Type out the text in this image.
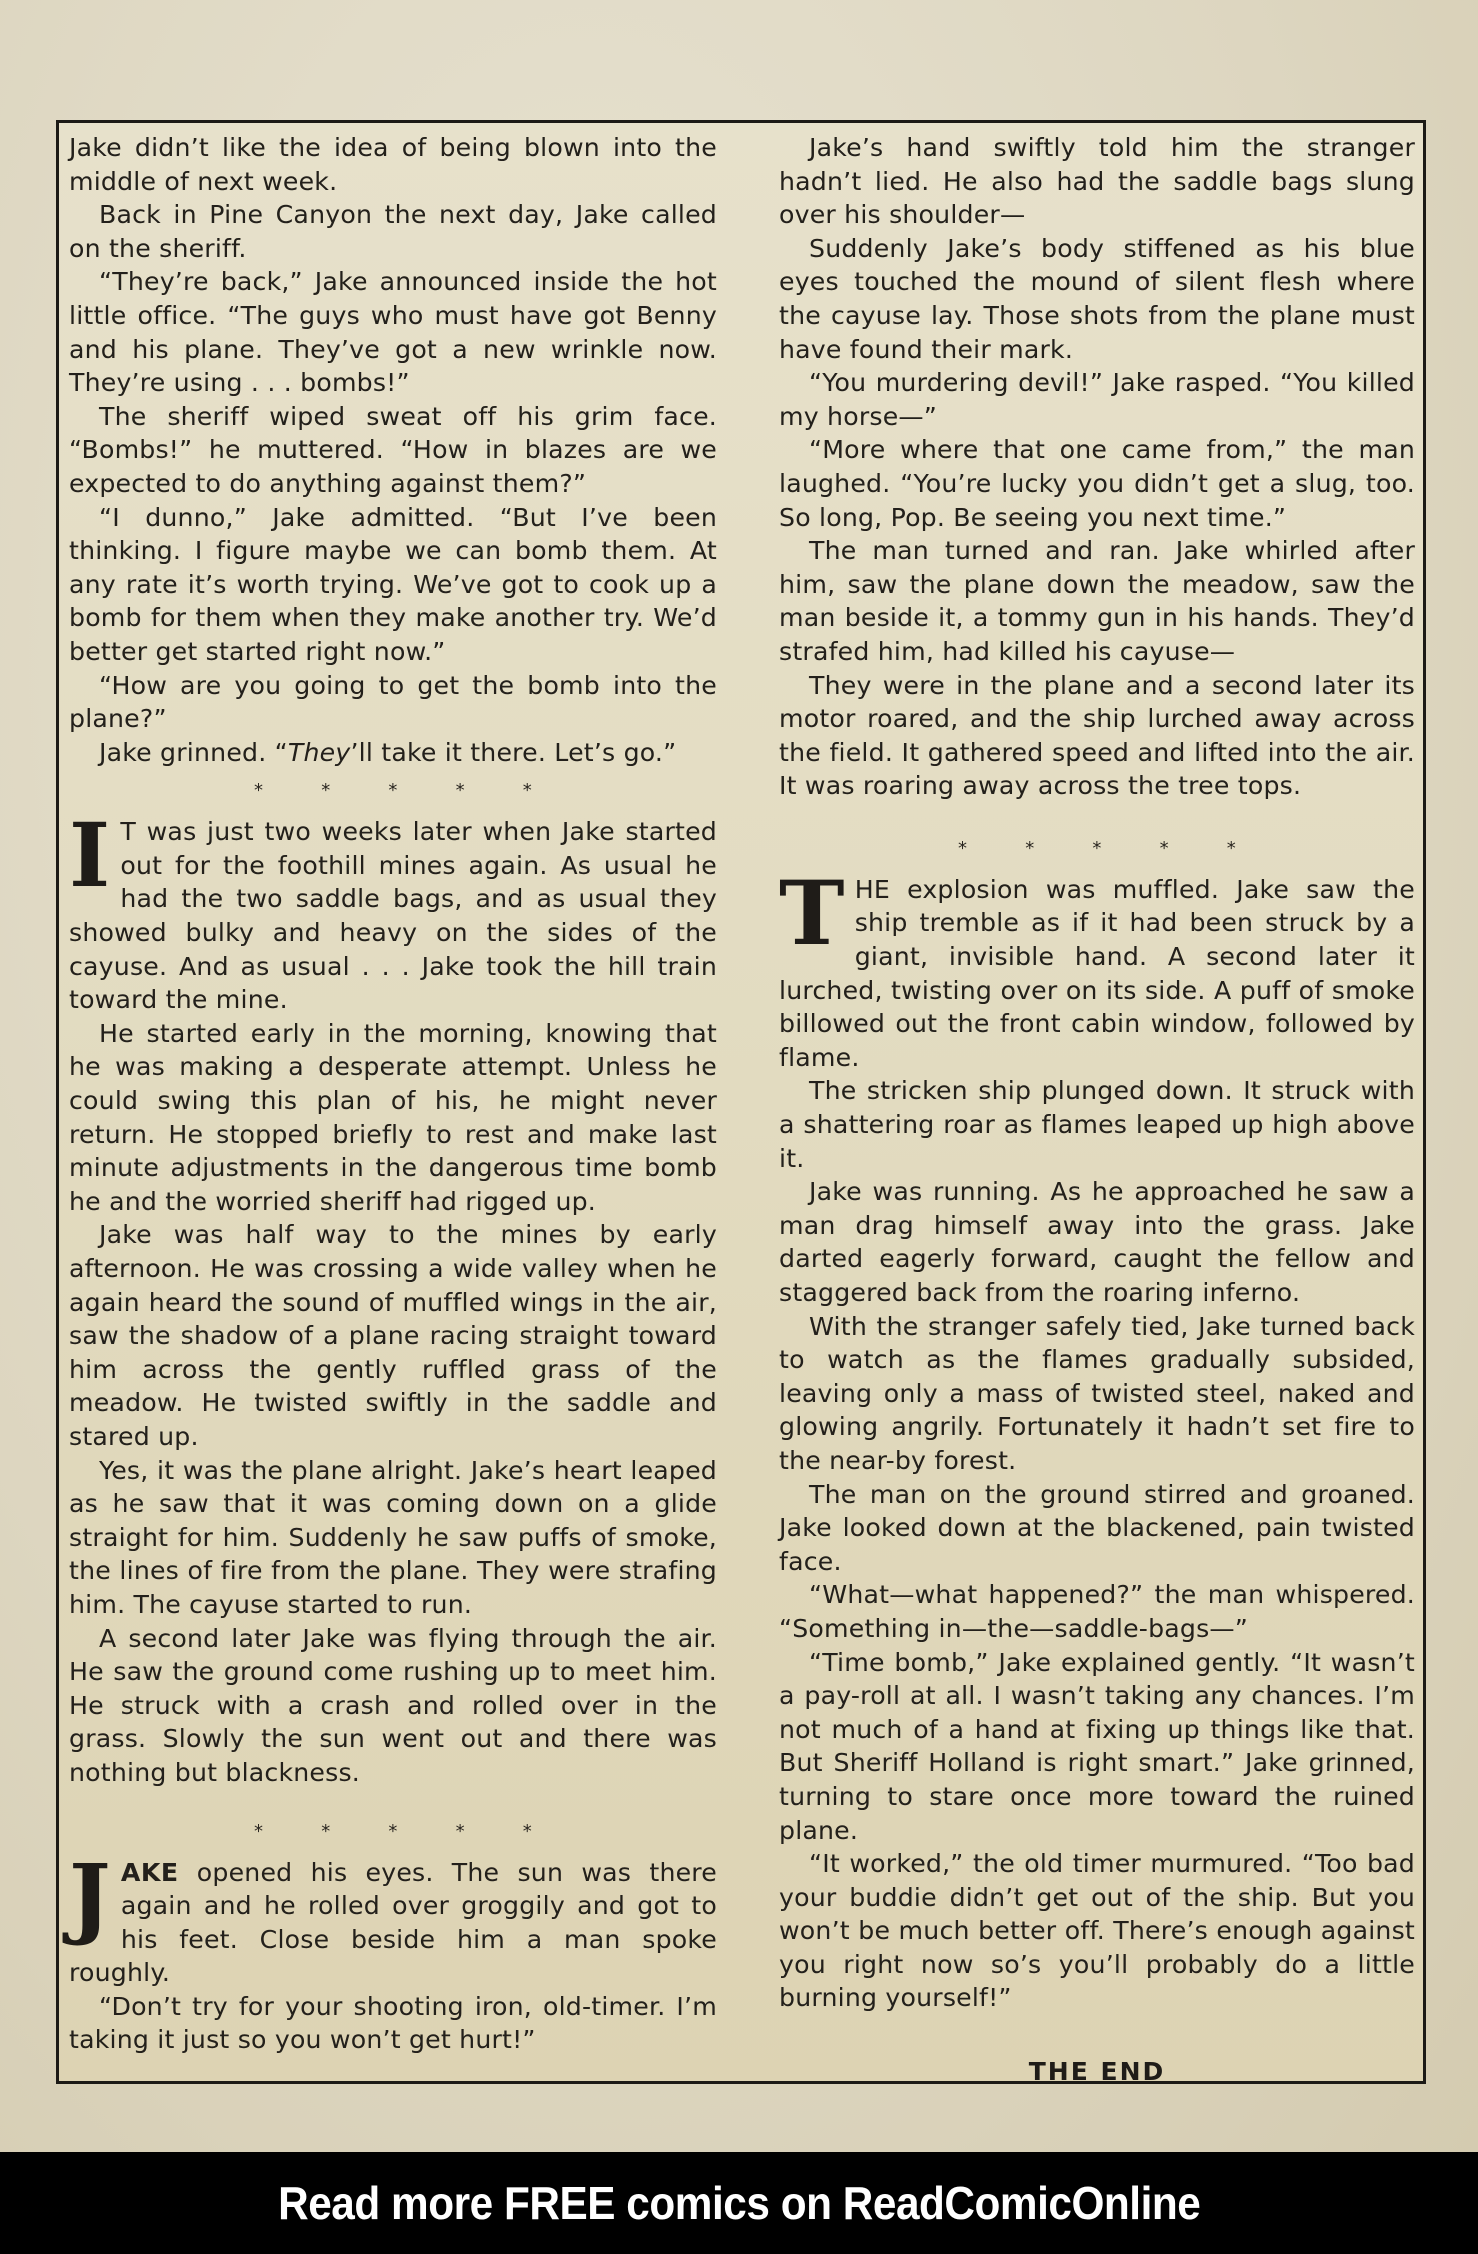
Jake didn’t like the idea of being blown into the middle of next week.

Back in Pine Canyon the next day, Jake called on the sheriff.

“They’re back,” Jake announced inside the hot little office. “The guys who must have got Benny and his plane. They’ve got a new wrinkle now. They’re using . . . bombs!”

The sheriff wiped sweat off his grim face. “Bombs!” he muttered. “How in blazes are we expected to do anything against them?”

“I dunno,” Jake admitted. “But I’ve been thinking. I figure maybe we can bomb them. At any rate it’s worth trying. We’ve got to cook up a bomb for them when they make another try. We’d better get started right now.”

“How are you going to get the bomb into the plane?”

Jake grinned. “They’ll take it there. Let’s go.”

*	*	*	*	*

I T was just two weeks later when Jake started out for the foothill mines again. As usual he had the two saddle bags, and as usual they showed bulky and heavy on the sides of the cayuse. And as usual . . . Jake took the hill train toward the mine.

He started early in the morning, knowing that he was making a desperate attempt. Unless he could swing this plan of his, he might never return. He stopped briefly to rest and make last minute adjustments in the dangerous time bomb he and the worried sheriff had rigged up.

Jake was half way to the mines by early afternoon. He was crossing a wide valley when he again heard the sound of muffled wings in the air, saw the shadow of a plane racing straight toward him across the gently ruffled grass of the meadow. He twisted swiftly in the saddle and stared up.

Yes, it was the plane alright. Jake’s heart leaped as he saw that it was coming down on a glide straight for him. Suddenly he saw puffs of smoke, the lines of fire from the plane. They were strafing him. The cayuse started to run.

A second later Jake was flying through the air. He saw the ground come rushing up to meet him. He struck with a crash and rolled over in the grass. Slowly the sun went out and there was nothing but blackness.

*	*	*	*	*

JAKE opened his eyes. The sun was there again and he rolled over groggily and got to his feet. Close beside him a man spoke roughly.

“Don’t try for your shooting iron, old-timer. I’m taking it just so you won’t get hurt!”

Jake’s hand swiftly told him the stranger hadn’t lied. He also had the saddle bags slung over his shoulder—

Suddenly Jake’s body stiffened as his blue eyes touched the mound of silent flesh where the cayuse lay. Those shots from the plane must have found their mark.

“You murdering devil!” Jake rasped. “You killed my horse—”

“More where that one came from,” the man laughed. “You’re lucky you didn’t get a slug, too. So long, Pop. Be seeing you next time.”

The man turned and ran. Jake whirled after him, saw the plane down the meadow, saw the man beside it, a tommy gun in his hands. They’d strafed him, had killed his cayuse—

They were in the plane and a second later its motor roared, and the ship lurched away across the field. It gathered speed and lifted into the air. It was roaring away across the tree tops.

*	*	*	*	*

THE explosion was muffled. Jake saw the ship tremble as if it had been struck by a giant, invisible hand. A second later it lurched, twisting over on its side. A puff of smoke billowed out the front cabin window, followed by flame.

The stricken ship plunged down. It struck with a shattering roar as flames leaped up high above it.

Jake was running. As he approached he saw a man drag himself away into the grass. Jake darted eagerly forward, caught the fellow and staggered back from the roaring inferno.

With the stranger safely tied, Jake turned back to watch as the flames gradually subsided, leaving only a mass of twisted steel, naked and glowing angrily. Fortunately it hadn’t set fire to the near-by forest.

The man on the ground stirred and groaned. Jake looked down at the blackened, pain twisted face.

“What—what happened?” the man whispered. “Something in—the—saddle-bags—”

“Time bomb,” Jake explained gently. “It wasn’t a pay-roll at all. I wasn’t taking any chances. I’m not much of a hand at fixing up things like that. But Sheriff Holland is right smart.” Jake grinned, turning to stare once more toward the ruined plane.

“It worked,” the old timer murmured. “Too bad your buddie didn’t get out of the ship. But you won’t be much better off. There’s enough against you right now so’s you’ll probably do a little burning yourself!”

THE END
Read more FREE comics on ReadComicOnline
